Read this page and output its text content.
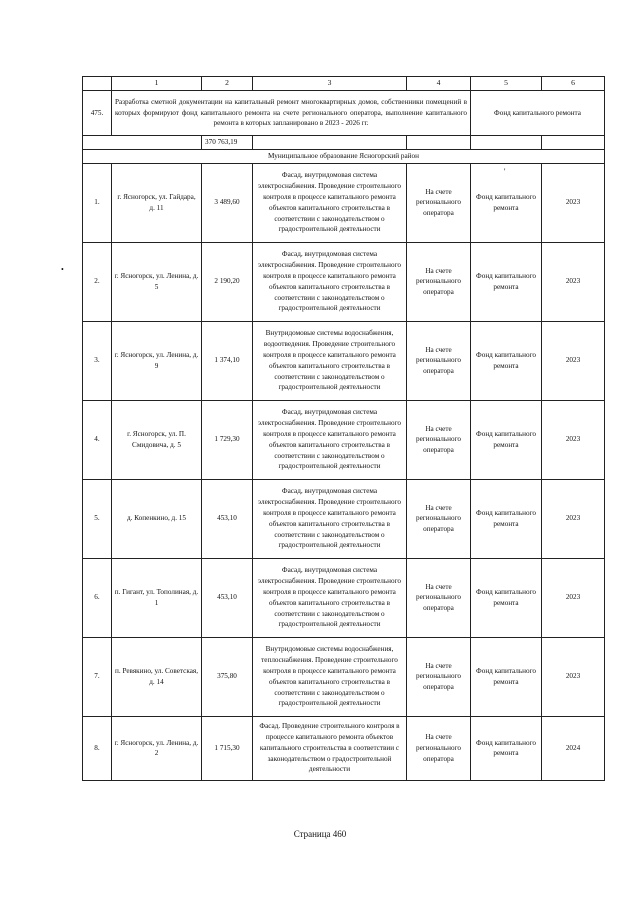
	1	2	3	4	5	6
475.	Разработка сметной документации на капитальный ремонт многоквартирных домов, собственники помещений в которых формируют фонд капитального ремонта на счете регионального оператора, выполнение капитального ремонта в которых запланировано в 2023 - 2026 гг.				Фонд капитального ремонта	
		370 763,19				
Муниципальное образование Ясногорский район						
1.	г. Ясногорск, ул. Гайдара, д. 11	3 489,60	Фасад, внутридомовая система электроснабжения. Проведение строительного контроля в процессе капитального ремонта объектов капитального строительства в соответствии с законодательством о градостроительной деятельности	На счете регионального оператора	Фонд капитального ремонта	2023
2.	г. Ясногорск, ул. Ленина, д. 5	2 190,20	Фасад, внутридомовая система электроснабжения. Проведение строительного контроля в процессе капитального ремонта объектов капитального строительства в соответствии с законодательством о градостроительной деятельности	На счете регионального оператора	Фонд капитального ремонта	2023
3.	г. Ясногорск, ул. Ленина, д. 9	1 374,10	Внутридомовые системы водоснабжения, водоотведения. Проведение строительного контроля в процессе капитального ремонта объектов капитального строительства в соответствии с законодательством о градостроительной деятельности	На счете регионального оператора	Фонд капитального ремонта	2023
4.	г. Ясногорск, ул. П. Смидовича, д. 5	1 729,30	Фасад, внутридомовая система электроснабжения. Проведение строительного контроля в процессе капитального ремонта объектов капитального строительства в соответствии с законодательством о градостроительной деятельности	На счете регионального оператора	Фонд капитального ремонта	2023
5.	д. Копенкино, д. 15	453,10	Фасад, внутридомовая система электроснабжения. Проведение строительного контроля в процессе капитального ремонта объектов капитального строительства в соответствии с законодательством о градостроительной деятельности	На счете регионального оператора	Фонд капитального ремонта	2023
6.	п. Гигант, ул. Тополиная, д. 1	453,10	Фасад, внутридомовая система электроснабжения. Проведение строительного контроля в процессе капитального ремонта объектов капитального строительства в соответствии с законодательством о градостроительной деятельности	На счете регионального оператора	Фонд капитального ремонта	2023
7.	п. Ревякино, ул. Советская, д. 14	375,80	Внутридомовые системы водоснабжения, теплоснабжения. Проведение строительного контроля в процессе капитального ремонта объектов капитального строительства в соответствии с законодательством о градостроительной деятельности	На счете регионального оператора	Фонд капитального ремонта	2023
8.	г. Ясногорск, ул. Ленина, д. 2	1 715,30	Фасад. Проведение строительного контроля в процессе капитального ремонта объектов капитального строительства в соответствии с законодательством о градостроительной деятельности	На счете регионального оператора	Фонд капитального ремонта	2024
'
•
Страница 460
